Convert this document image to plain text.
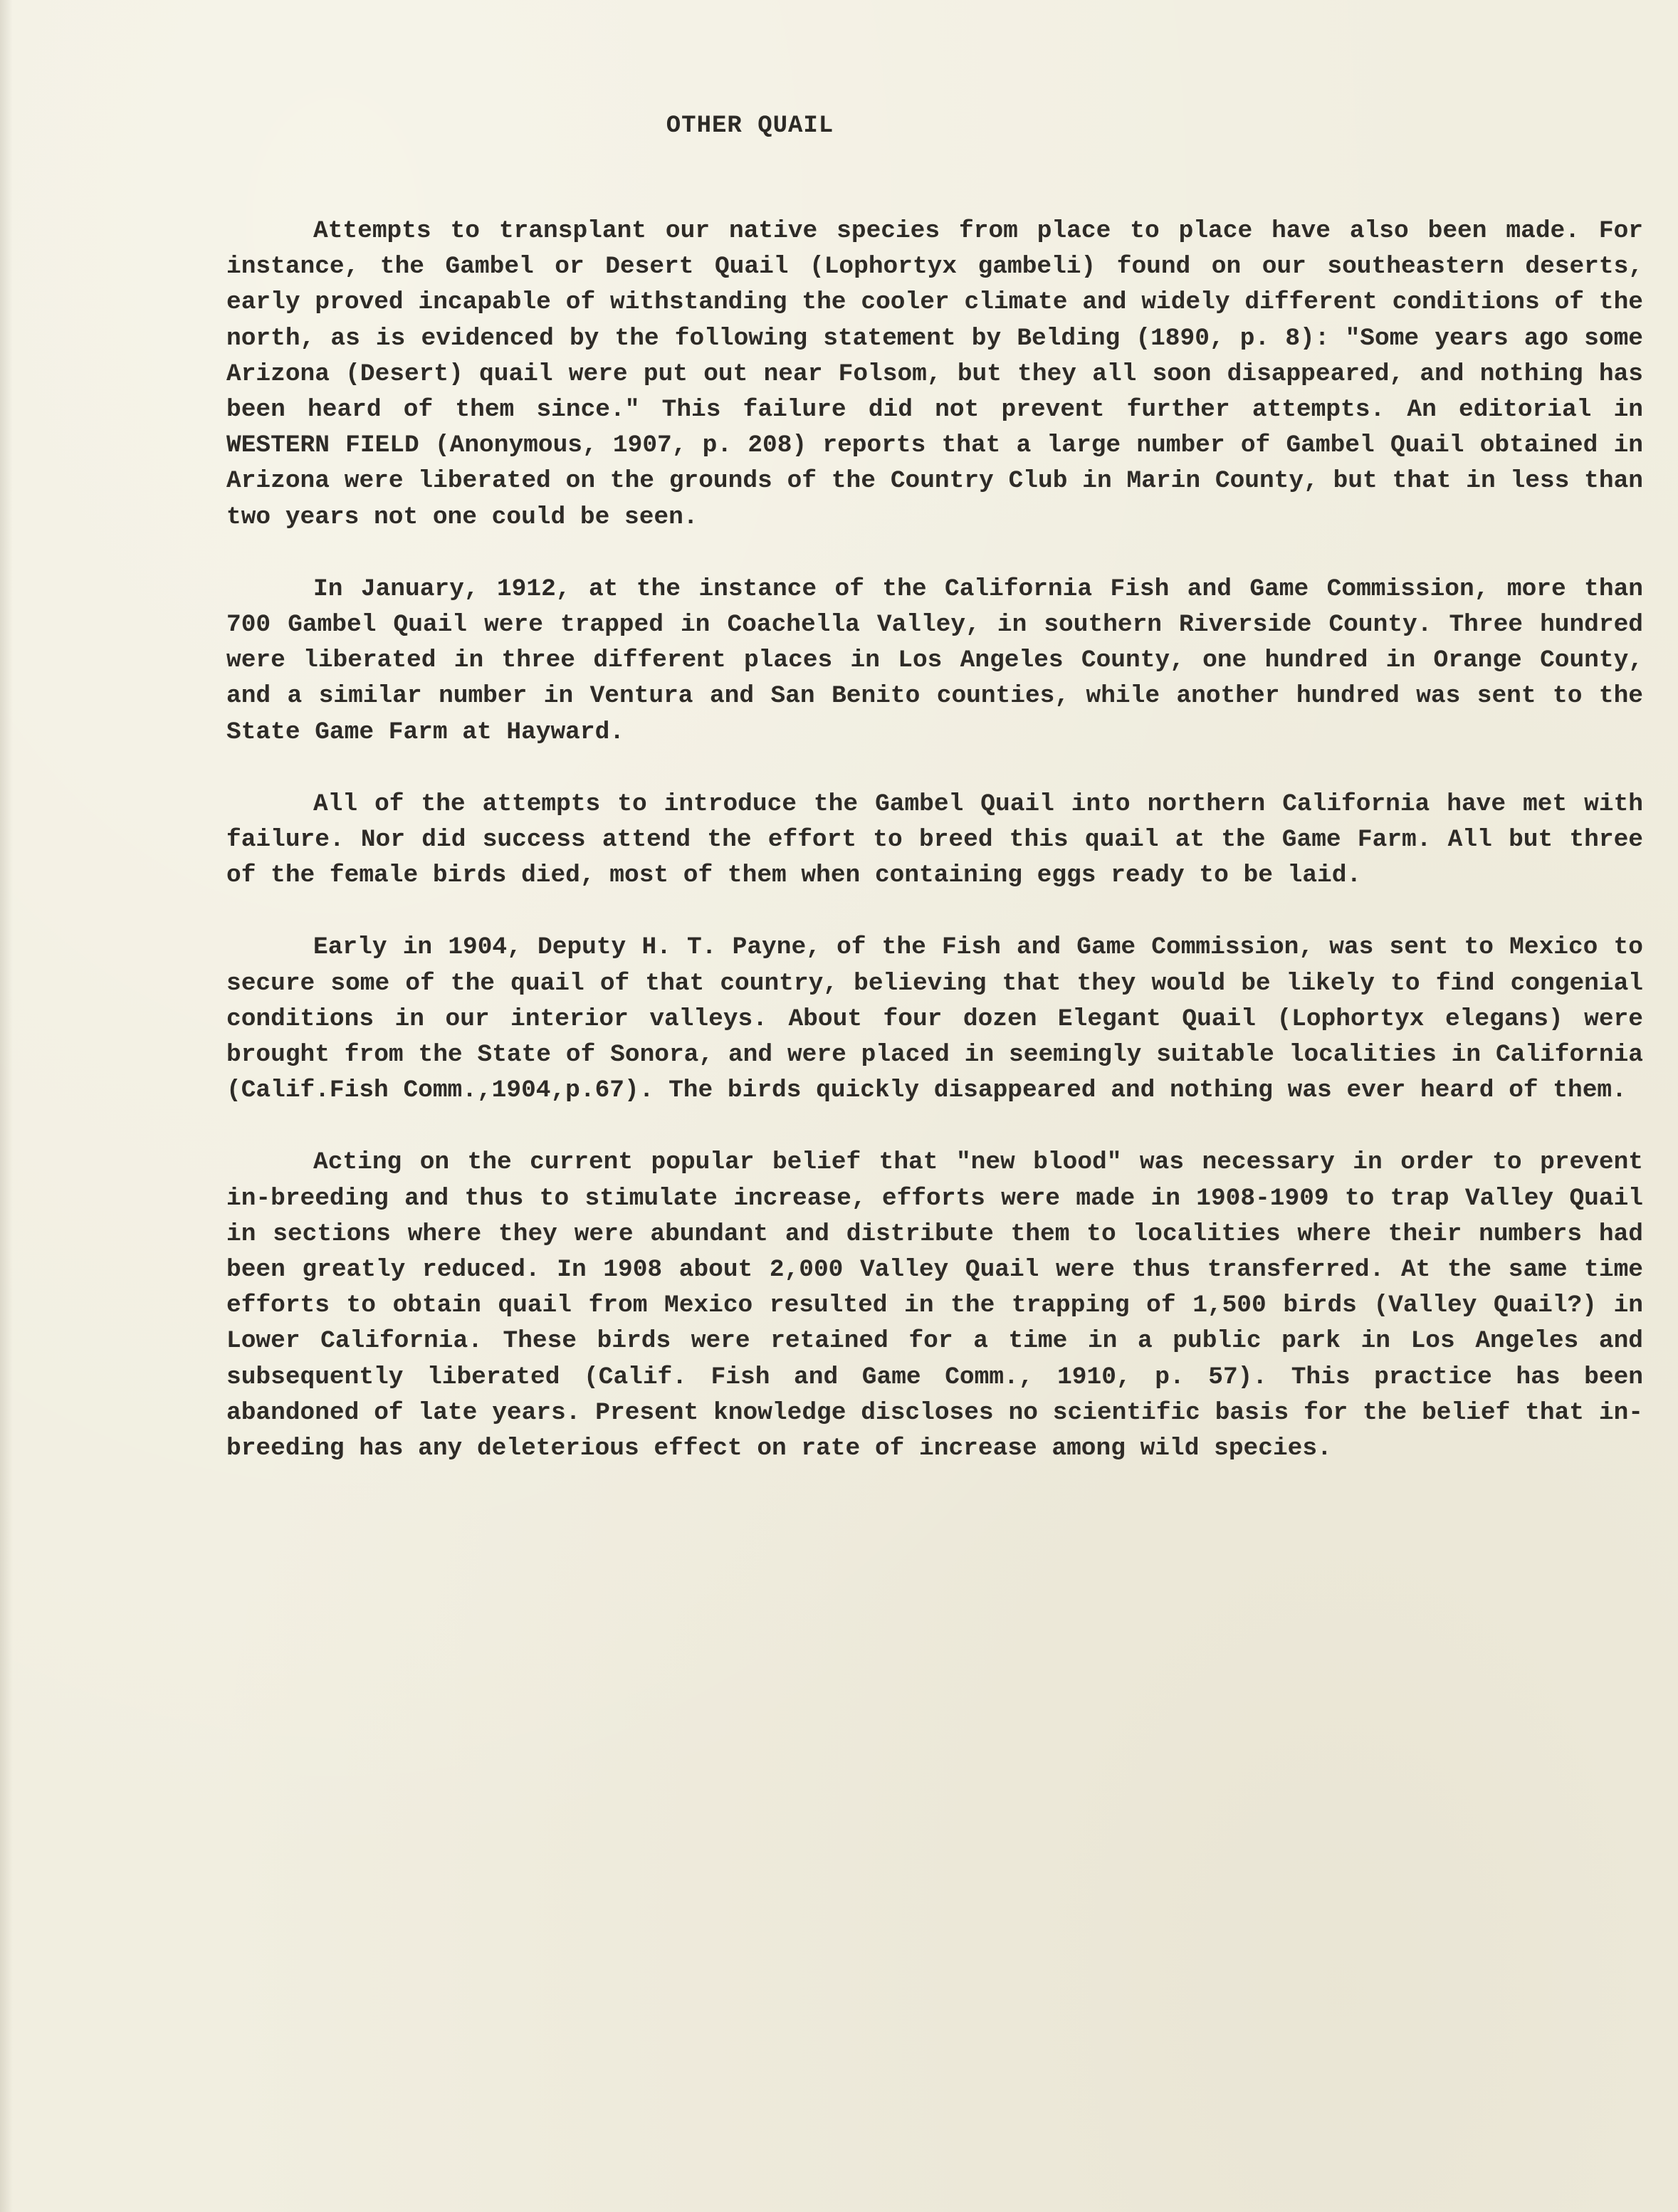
OTHER QUAIL

Attempts to transplant our native species from place to place have also been made. For instance, the Gambel or Desert Quail (Lophortyx gambeli) found on our southeastern deserts, early proved incapable of withstanding the cooler climate and widely different conditions of the north, as is evidenced by the following statement by Belding (1890, p. 8): "Some years ago some Arizona (Desert) quail were put out near Folsom, but they all soon disappeared, and nothing has been heard of them since." This failure did not prevent further attempts. An editorial in WESTERN FIELD (Anonymous, 1907, p. 208) reports that a large number of Gambel Quail obtained in Arizona were liberated on the grounds of the Country Club in Marin County, but that in less than two years not one could be seen.

In January, 1912, at the instance of the California Fish and Game Commission, more than 700 Gambel Quail were trapped in Coachella Valley, in southern Riverside County. Three hundred were liberated in three different places in Los Angeles County, one hundred in Orange County, and a similar number in Ventura and San Benito counties, while another hundred was sent to the State Game Farm at Hayward.

All of the attempts to introduce the Gambel Quail into northern California have met with failure. Nor did success attend the effort to breed this quail at the Game Farm. All but three of the female birds died, most of them when containing eggs ready to be laid.

Early in 1904, Deputy H. T. Payne, of the Fish and Game Commission, was sent to Mexico to secure some of the quail of that country, believing that they would be likely to find congenial conditions in our interior valleys. About four dozen Elegant Quail (Lophortyx elegans) were brought from the State of Sonora, and were placed in seemingly suitable localities in California (Calif.Fish Comm.,1904,p.67). The birds quickly disappeared and nothing was ever heard of them.

Acting on the current popular belief that "new blood" was necessary in order to prevent in-breeding and thus to stimulate increase, efforts were made in 1908-1909 to trap Valley Quail in sections where they were abundant and distribute them to localities where their numbers had been greatly reduced. In 1908 about 2,000 Valley Quail were thus transferred. At the same time efforts to obtain quail from Mexico resulted in the trapping of 1,500 birds (Valley Quail?) in Lower California. These birds were retained for a time in a public park in Los Angeles and subsequently liberated (Calif. Fish and Game Comm., 1910, p. 57). This practice has been abandoned of late years. Present knowledge discloses no scientific basis for the belief that in-breeding has any deleterious effect on rate of increase among wild species.
